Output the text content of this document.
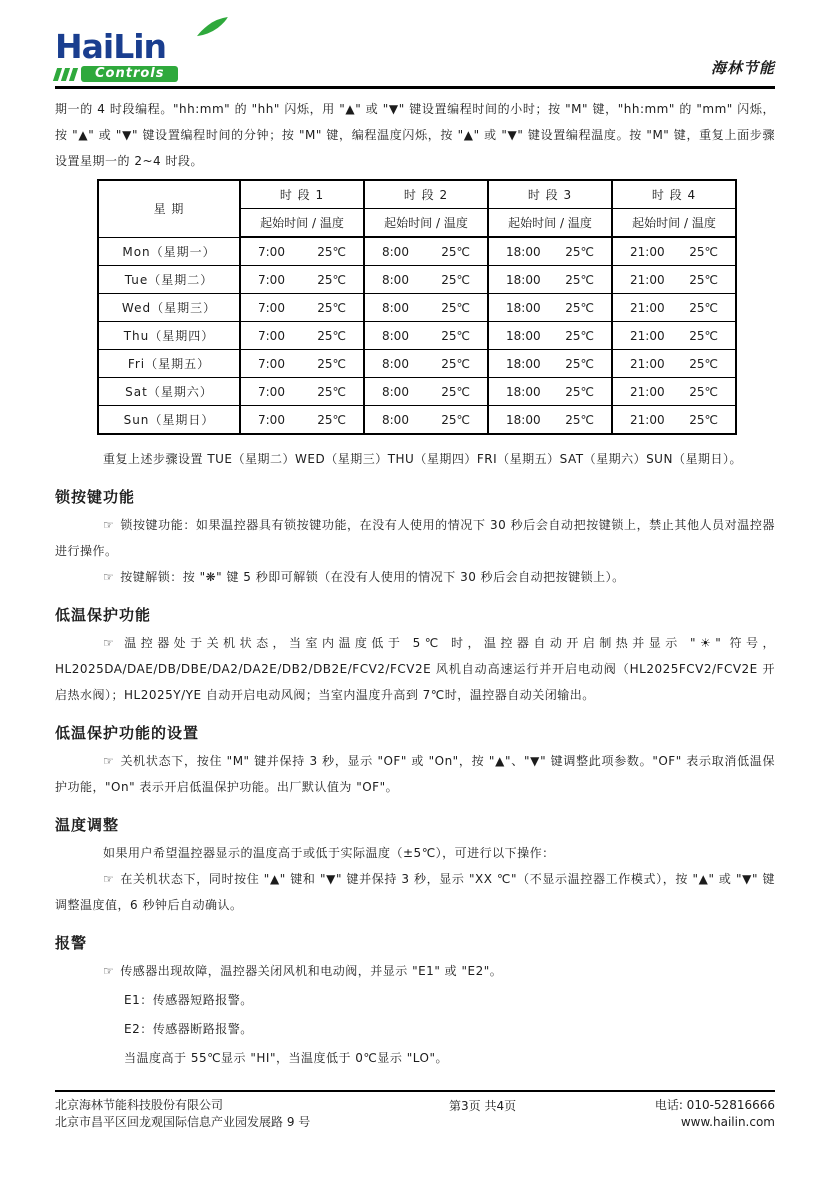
HaiLin
Controls	海林节能

期一的 4 时段编程。"hh:mm" 的 "hh" 闪烁，用 "▲" 或 "▼" 键设置编程时间的小时；按 "M" 键，"hh:mm" 的 "mm" 闪烁，按 "▲" 或 "▼" 键设置编程时间的分钟；按 "M" 键，编程温度闪烁，按 "▲" 或 "▼" 键设置编程温度。按 "M" 键，重复上面步骤设置星期一的 2~4 时段。

星 期	时 段 1	时 段 2	时 段 3	时 段 4
	起始时间 / 温度	起始时间 / 温度	起始时间 / 温度	起始时间 / 温度
Mon（星期一）	7:00 25℃	8:00 25℃	18:00 25℃	21:00 25℃

Tue（星期二）	7:00 25℃	8:00 25℃	18:00 25℃	21:00 25℃

Wed（星期三）	7:00 25℃	8:00 25℃	18:00 25℃	21:00 25℃

Thu（星期四）	7:00 25℃	8:00 25℃	18:00 25℃	21:00 25℃

Fri（星期五）	7:00 25℃	8:00 25℃	18:00 25℃	21:00 25℃

Sat（星期六）	7:00 25℃	8:00 25℃	18:00 25℃	21:00 25℃

Sun（星期日）	7:00 25℃	8:00 25℃	18:00 25℃	21:00 25℃

重复上述步骤设置 TUE（星期二）WED（星期三）THU（星期四）FRI（星期五）SAT（星期六）SUN（星期日）。

锁按键功能

☞ 锁按键功能：如果温控器具有锁按键功能，在没有人使用的情况下 30 秒后会自动把按键锁上，禁止其他人员对温控器进行操作。

☞ 按键解锁：按 "❋" 键 5 秒即可解锁（在没有人使用的情况下 30 秒后会自动把按键锁上）。

低温保护功能

☞ 温控器处于关机状态，当室内温度低于 5℃ 时，温控器自动开启制热并显示 "☀" 符号，HL2025DA/DAE/DB/DBE/DA2/DA2E/DB2/DB2E/FCV2/FCV2E 风机自动高速运行并开启电动阀（HL2025FCV2/FCV2E 开启热水阀）；HL2025Y/YE 自动开启电动风阀；当室内温度升高到 7℃时，温控器自动关闭输出。

低温保护功能的设置

☞ 关机状态下，按住 "M" 键并保持 3 秒，显示 "OF" 或 "On"，按 "▲"、"▼" 键调整此项参数。"OF" 表示取消低温保护功能，"On" 表示开启低温保护功能。出厂默认值为 "OF"。

温度调整

如果用户希望温控器显示的温度高于或低于实际温度（±5℃），可进行以下操作：

☞ 在关机状态下，同时按住 "▲" 键和 "▼" 键并保持 3 秒，显示 "XX ℃"（不显示温控器工作模式），按 "▲" 或 "▼" 键调整温度值，6 秒钟后自动确认。

报警

☞ 传感器出现故障，温控器关闭风机和电动阀，并显示 "E1" 或 "E2"。

E1：传感器短路报警。

E2：传感器断路报警。

当温度高于 55℃显示 "HI"，当温度低于 0℃显示 "LO"。

北京海林节能科技股份有限公司
北京市昌平区回龙观国际信息产业园发展路 9 号
第3页 共4页	电话: 010-52816666
www.hailin.com
